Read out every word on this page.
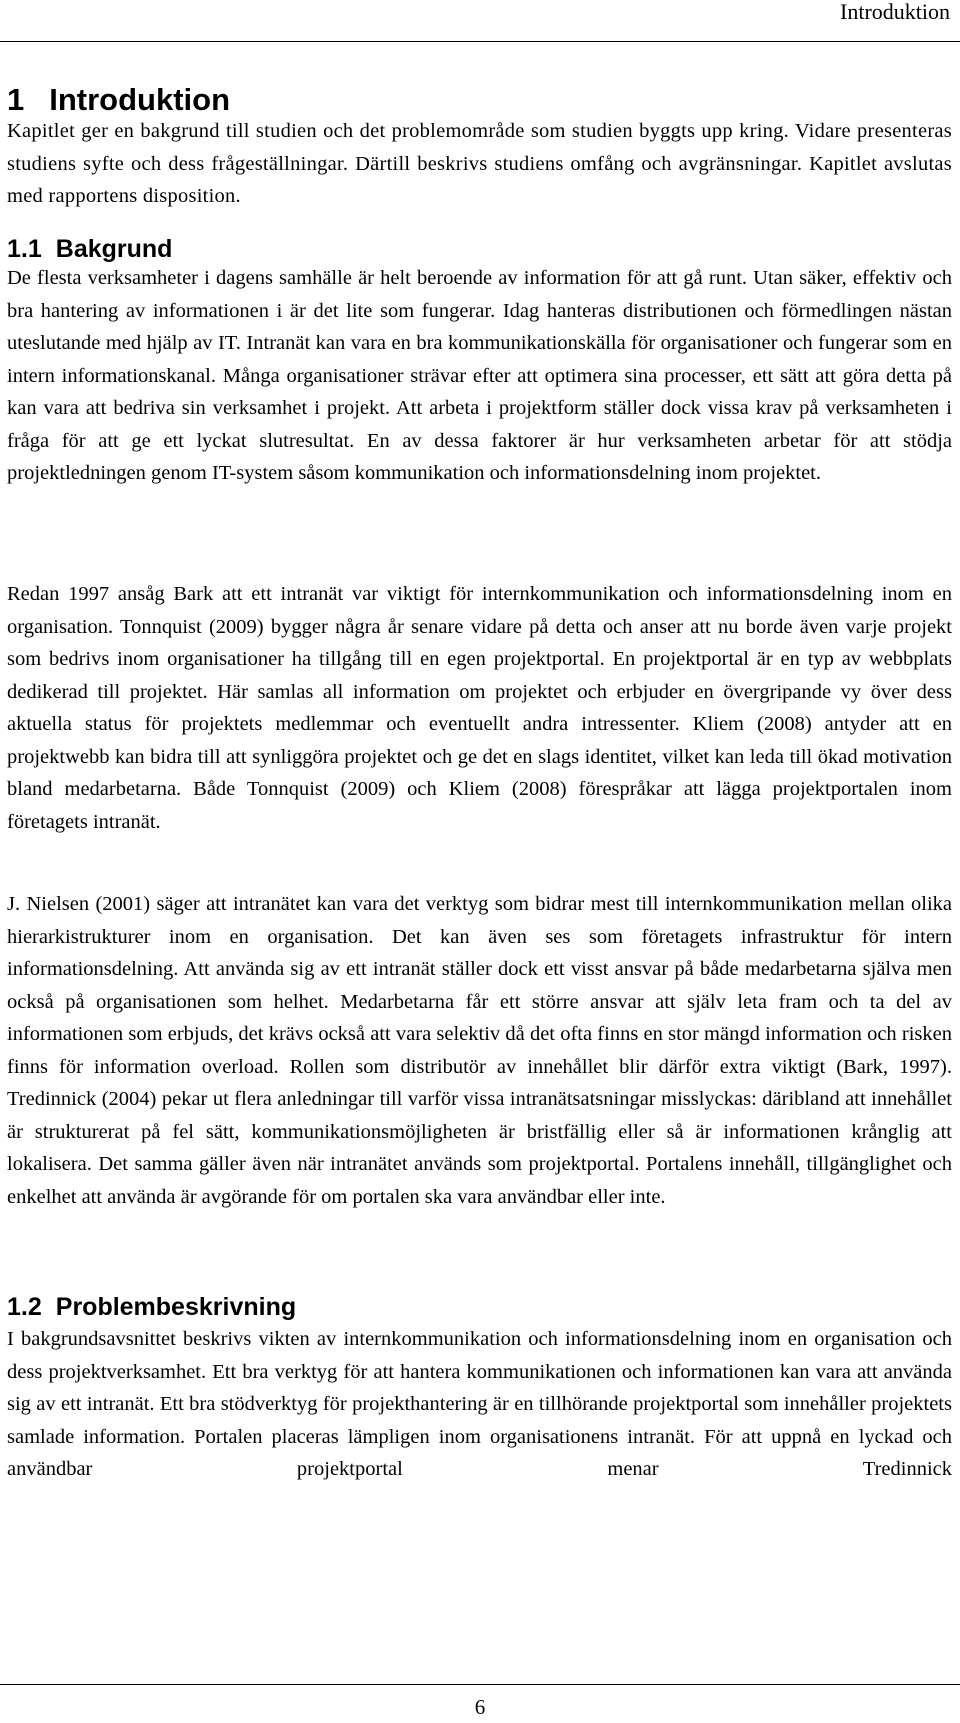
Introduktion
1 Introduktion

Kapitlet ger en bakgrund till studien och det problemområde som studien byggts upp kring. Vidare presenteras studiens syfte och dess frågeställningar. Därtill beskrivs studiens omfång och avgränsningar. Kapitlet avslutas med rapportens disposition.

1.1 Bakgrund

De flesta verksamheter i dagens samhälle är helt beroende av information för att gå runt. Utan säker, effektiv och bra hantering av informationen i är det lite som fungerar. Idag hanteras distributionen och förmedlingen nästan uteslutande med hjälp av IT. Intranät kan vara en bra kommunikationskälla för organisationer och fungerar som en intern informationskanal. Många organisationer strävar efter att optimera sina processer, ett sätt att göra detta på kan vara att bedriva sin verksamhet i projekt. Att arbeta i projektform ställer dock vissa krav på verksamheten i fråga för att ge ett lyckat slutresultat. En av dessa faktorer är hur verksamheten arbetar för att stödja projektledningen genom IT-system såsom kommunikation och informationsdelning inom projektet.

Redan 1997 ansåg Bark att ett intranät var viktigt för internkommunikation och informationsdelning inom en organisation. Tonnquist (2009) bygger några år senare vidare på detta och anser att nu borde även varje projekt som bedrivs inom organisationer ha tillgång till en egen projektportal. En projektportal är en typ av webbplats dedikerad till projektet. Här samlas all information om projektet och erbjuder en övergripande vy över dess aktuella status för projektets medlemmar och eventuellt andra intressenter. Kliem (2008) antyder att en projektwebb kan bidra till att synliggöra projektet och ge det en slags identitet, vilket kan leda till ökad motivation bland medarbetarna. Både Tonnquist (2009) och Kliem (2008) förespråkar att lägga projektportalen inom företagets intranät.

J. Nielsen (2001) säger att intranätet kan vara det verktyg som bidrar mest till internkommunikation mellan olika hierarkistrukturer inom en organisation. Det kan även ses som företagets infrastruktur för intern informationsdelning. Att använda sig av ett intranät ställer dock ett visst ansvar på både medarbetarna själva men också på organisationen som helhet. Medarbetarna får ett större ansvar att själv leta fram och ta del av informationen som erbjuds, det krävs också att vara selektiv då det ofta finns en stor mängd information och risken finns för information overload. Rollen som distributör av innehållet blir därför extra viktigt (Bark, 1997). Tredinnick (2004) pekar ut flera anledningar till varför vissa intranätsatsningar misslyckas: däribland att innehållet är strukturerat på fel sätt, kommunikationsmöjligheten är bristfällig eller så är informationen krånglig att lokalisera. Det samma gäller även när intranätet används som projektportal. Portalens innehåll, tillgänglighet och enkelhet att använda är avgörande för om portalen ska vara användbar eller inte.

1.2 Problembeskrivning

I bakgrundsavsnittet beskrivs vikten av internkommunikation och informationsdelning inom en organisation och dess projektverksamhet. Ett bra verktyg för att hantera kommunikationen och informationen kan vara att använda sig av ett intranät. Ett bra stödverktyg för projekthantering är en tillhörande projektportal som innehåller projektets samlade information. Portalen placeras lämpligen inom organisationens intranät. För att uppnå en lyckad och användbar projektportal menar Tredinnick

6
